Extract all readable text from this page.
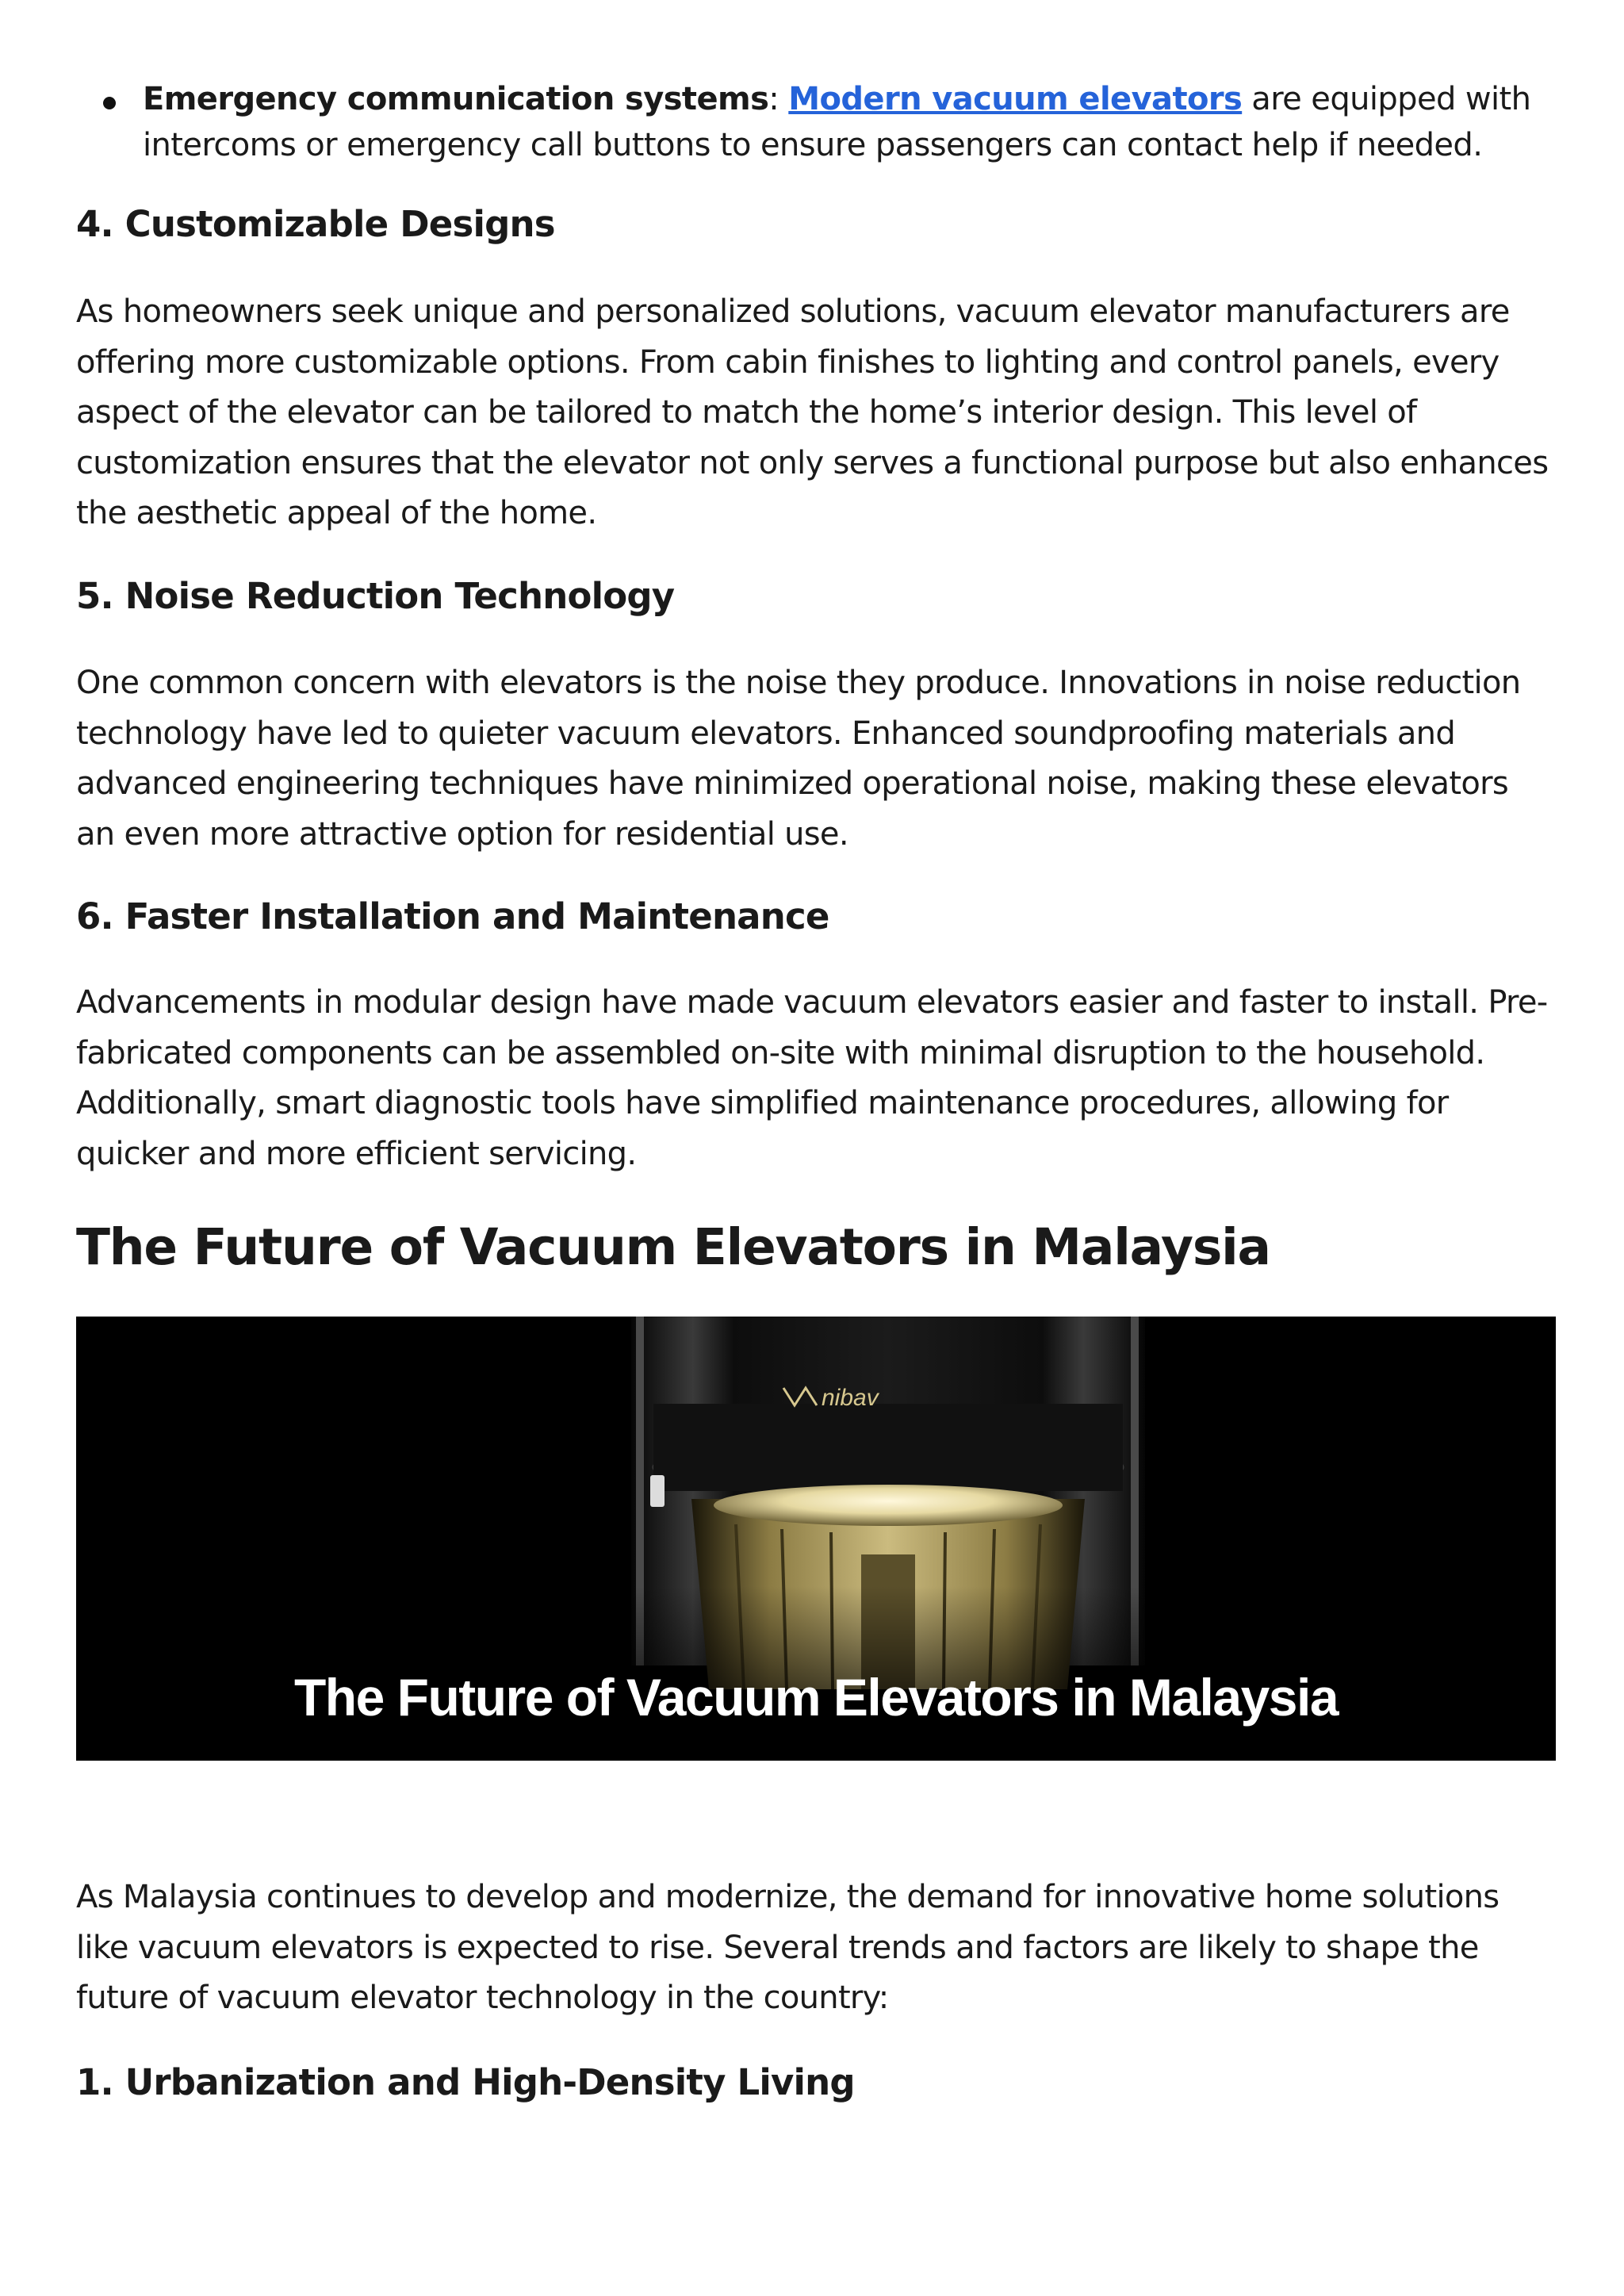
Emergency communication systems: Modern vacuum elevators are equipped with intercoms or emergency call buttons to ensure passengers can contact help if needed.
4. Customizable Designs

As homeowners seek unique and personalized solutions, vacuum elevator manufacturers are offering more customizable options. From cabin finishes to lighting and control panels, every aspect of the elevator can be tailored to match the home’s interior design. This level of customization ensures that the elevator not only serves a functional purpose but also enhances the aesthetic appeal of the home.

5. Noise Reduction Technology

One common concern with elevators is the noise they produce. Innovations in noise reduction technology have led to quieter vacuum elevators. Enhanced soundproofing materials and advanced engineering techniques have minimized operational noise, making these elevators an even more attractive option for residential use.

6. Faster Installation and Maintenance

Advancements in modular design have made vacuum elevators easier and faster to install. Pre-fabricated components can be assembled on-site with minimal disruption to the household. Additionally, smart diagnostic tools have simplified maintenance procedures, allowing for quicker and more efficient servicing.

The Future of Vacuum Elevators in Malaysia
nibav
The Future of Vacuum Elevators in Malaysia

As Malaysia continues to develop and modernize, the demand for innovative home solutions like vacuum elevators is expected to rise. Several trends and factors are likely to shape the future of vacuum elevator technology in the country:

1. Urbanization and High-Density Living
